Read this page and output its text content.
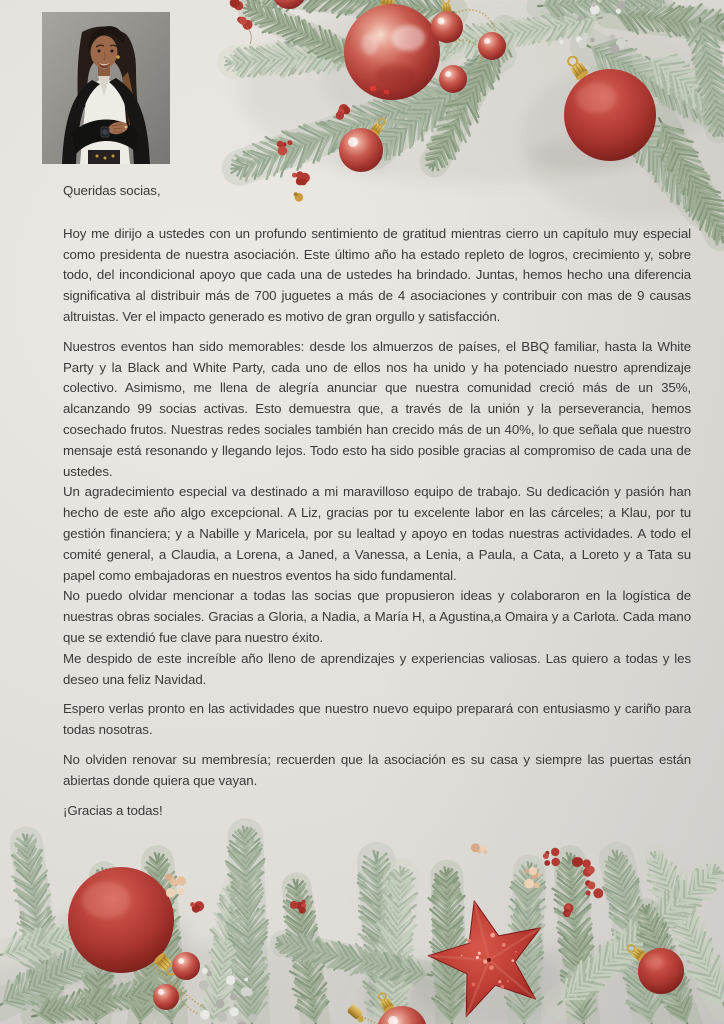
Queridas socias,

Hoy me dirijo a ustedes con un profundo sentimiento de gratitud mientras cierro un capítulo muy especial como presidenta de nuestra asociación. Este último año ha estado repleto de logros, crecimiento y, sobre todo, del incondicional apoyo que cada una de ustedes ha brindado. Juntas, hemos hecho una diferencia significativa al distribuir más de 700 juguetes a más de 4 asociaciones y contribuir con mas de 9 causas altruistas. Ver el impacto generado es motivo de gran orgullo y satisfacción.

Nuestros eventos han sido memorables: desde los almuerzos de países, el BBQ familiar, hasta la White Party y la Black and White Party, cada uno de ellos nos ha unido y ha potenciado nuestro aprendizaje colectivo. Asimismo, me llena de alegría anunciar que nuestra comunidad creció más de un 35%, alcanzando 99 socias activas. Esto demuestra que, a través de la unión y la perseverancia, hemos cosechado frutos. Nuestras redes sociales también han crecido más de un 40%, lo que señala que nuestro mensaje está resonando y llegando lejos. Todo esto ha sido posible gracias al compromiso de cada una de ustedes.

Un agradecimiento especial va destinado a mi maravilloso equipo de trabajo. Su dedicación y pasión han hecho de este año algo excepcional. A Liz, gracias por tu excelente labor en las cárceles; a Klau, por tu gestión financiera; y a Nabille y Maricela, por su lealtad y apoyo en todas nuestras actividades. A todo el comité general, a Claudia, a Lorena, a Janed, a Vanessa, a Lenia, a Paula, a Cata, a Loreto y a Tata su papel como embajadoras en nuestros eventos ha sido fundamental.

No puedo olvidar mencionar a todas las socias que propusieron ideas y colaboraron en la logística de nuestras obras sociales. Gracias a Gloria, a Nadia, a María H, a Agustina,a Omaira y a Carlota. Cada mano que se extendió fue clave para nuestro éxito.

Me despido de este increíble año lleno de aprendizajes y experiencias valiosas. Las quiero a todas y les deseo una feliz Navidad.

Espero verlas pronto en las actividades que nuestro nuevo equipo preparará con entusiasmo y cariño para todas nosotras.

No olviden renovar su membresía; recuerden que la asociación es su casa y siempre las puertas están abiertas donde quiera que vayan.

¡Gracias a todas!
